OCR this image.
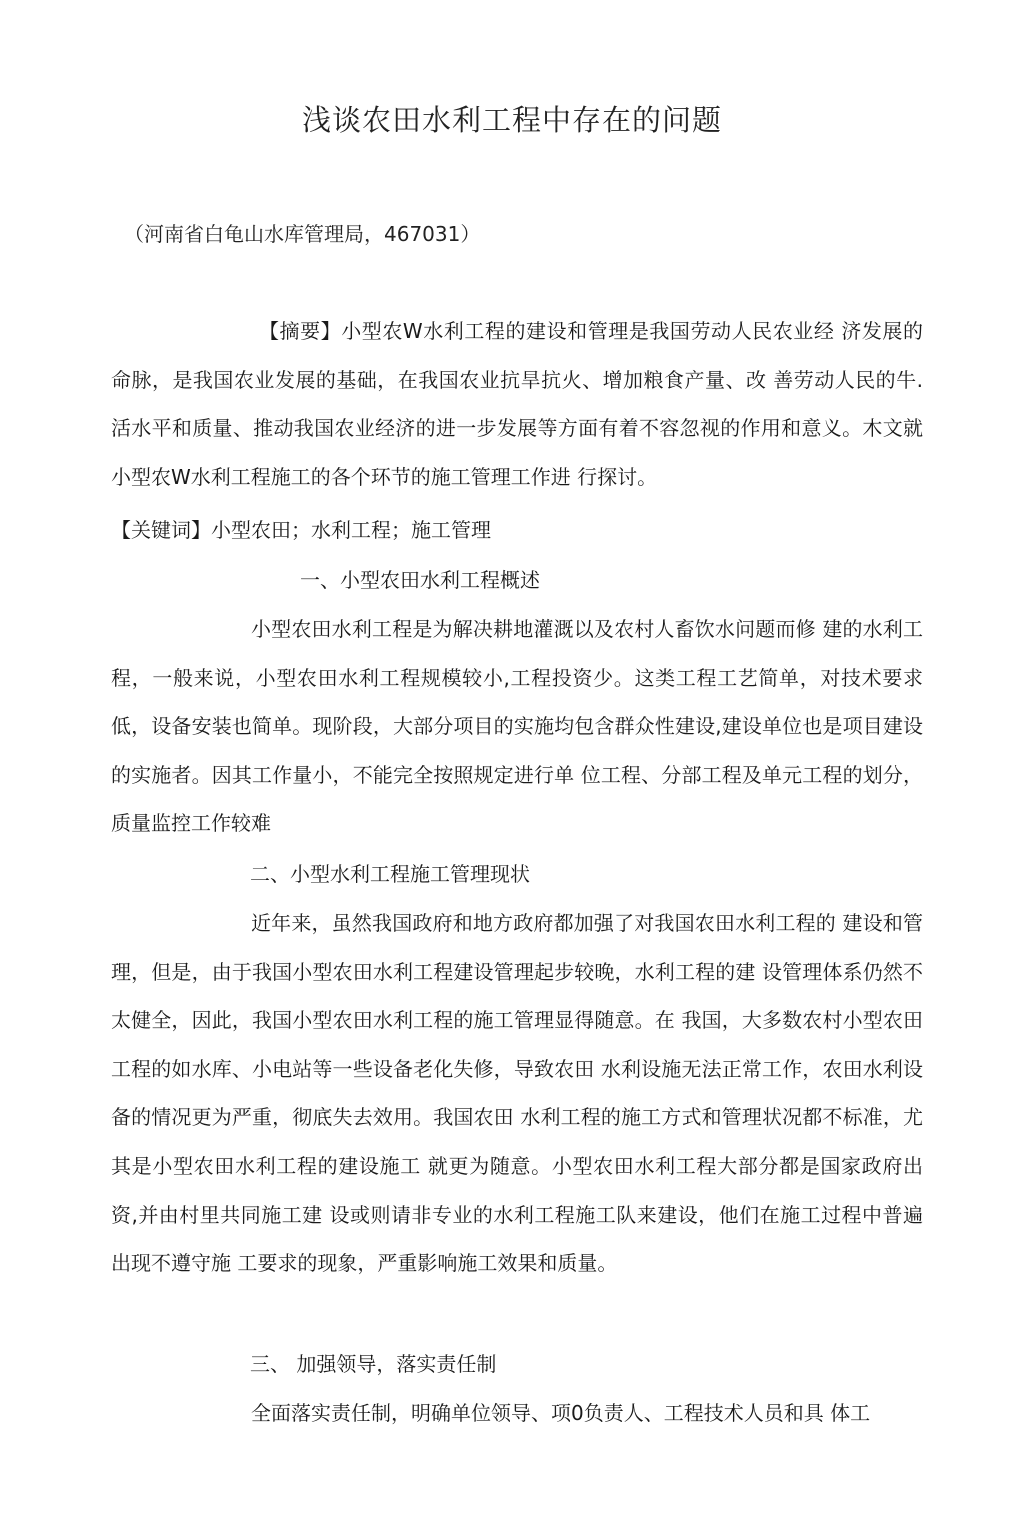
浅谈农田水利工程中存在的问题
（河南省白龟山水库管理局，467031）

【摘要】小型农W水利工程的建设和管理是我国劳动人民农业经 济发展的命脉，是我国农业发展的基础，在我国农业抗旱抗火、增加粮食产量、改 善劳动人民的牛.活水平和质量、推动我国农业经济的进一步发展等方面有着不容忽视的作用和意义。木文就小型农W水利工程施工的各个环节的施工管理工作进 行探讨。

【关键词】小型农田；水利工程；施工管理

一、小型农田水利工程概述

小型农田水利工程是为解决耕地灌溉以及农村人畜饮水问题而修 建的水利工程，一般来说，小型农田水利工程规模较小,工程投资少。这类工程工艺简单，对技术要求低，设备安装也简单。现阶段，大部分项目的实施均包含群众性建设,建设单位也是项目建设的实施者。因其工作量小，不能完全按照规定进行单 位工程、分部工程及单元工程的划分，质量监控工作较难

二、小型水利工程施工管理现状

近年来，虽然我国政府和地方政府都加强了对我国农田水利工程的 建设和管理，但是，由于我国小型农田水利工程建设管理起步较晚，水利工程的建 设管理体系仍然不太健全，因此，我国小型农田水利工程的施工管理显得随意。在 我国，大多数农村小型农田工程的如水库、小电站等一些设备老化失修，导致农田 水利设施无法正常工作，农田水利设备的情况更为严重，彻底失去效用。我国农田 水利工程的施工方式和管理状况都不标准，尤其是小型农田水利工程的建设施工 就更为随意。小型农田水利工程大部分都是国家政府出资,并由村里共同施工建 设或则请非专业的水利工程施工队来建设，他们在施工过程中普遍出现不遵守施 工要求的现象，严重影响施工效果和质量。

三、 加强领导，落实责任制

全面落实责任制，明确单位领导、项0负责人、工程技术人员和具 体工
